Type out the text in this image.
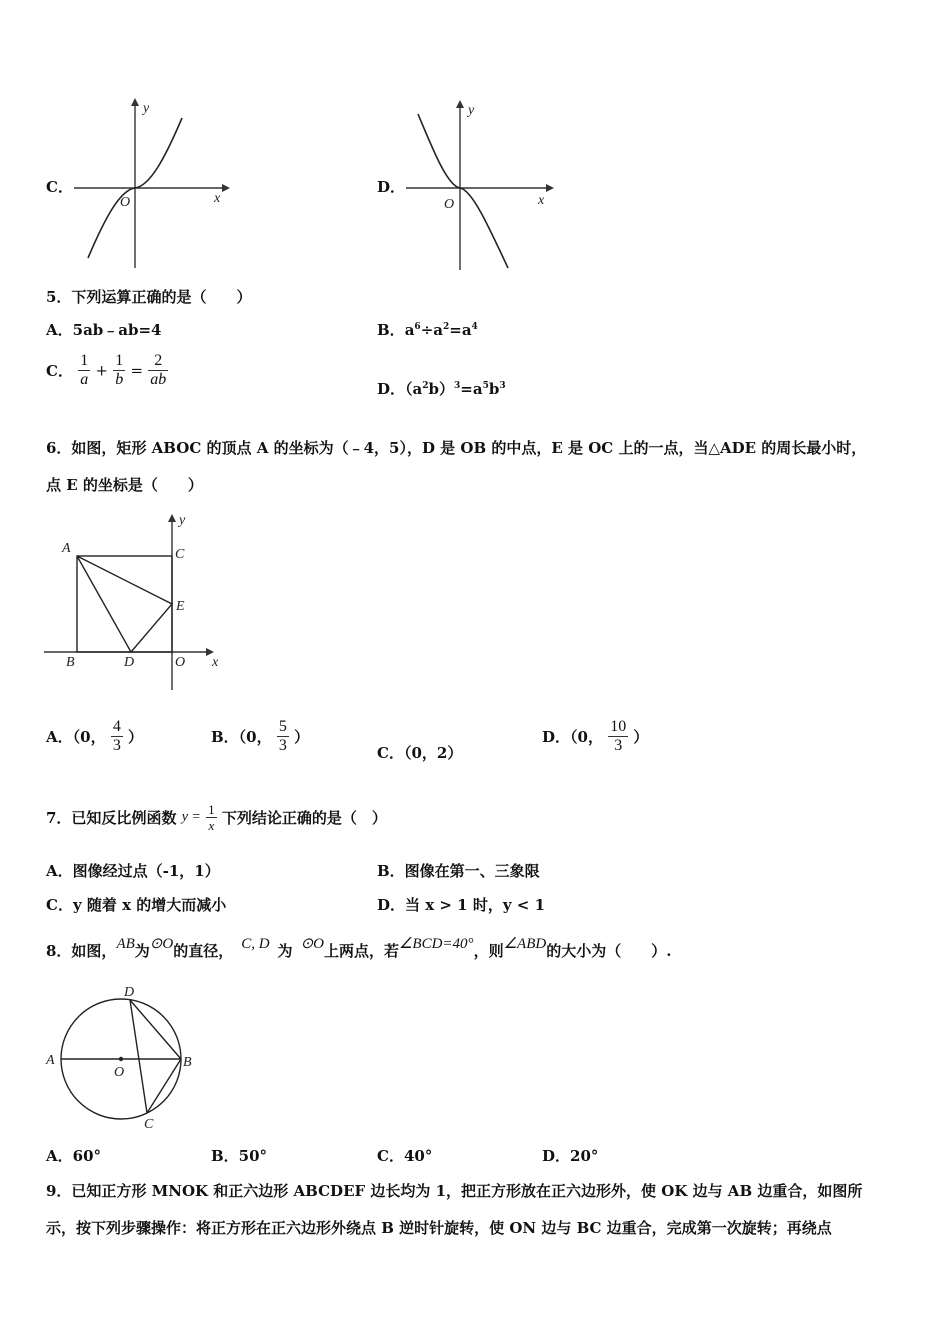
C．
y
x
O
D．
y
x
O
5．下列运算正确的是（　　）
A．5ab﹣ab=4	B．$a^6\div a^2=a^4$
C． $\frac{1}{a} + \frac{1}{b} = \frac{2}{ab}$	D．$(a^2b)^3=a^5b^3$
6．如图，矩形 ABOC 的顶点 A 的坐标为（﹣4，5），D 是 OB 的中点，E 是 OC 上的一点，当△ADE 的周长最小时，
点 E 的坐标是（　　）
y
A	C
E
B	D	O x
A．（0， $\frac{4}{3}$ ）	B．（0， $\frac{5}{3}$ ）
C．（0，2）
D．（0， $\frac{10}{3}$ ）
7．已知反比例函数 $y = \frac{1}{x}$ 下列结论正确的是（　）
A．图像经过点（-1，1）	B．图像在第一、三象限
C．y 随着 x 的增大而减小	D．当 x > 1 时，y < 1
8．如图，AB为⊙O的直径， C, D 为 ⊙O上两点，若∠BCD=40°，则∠ABD的大小为（　　）.
A	B
D
C
O
A．60°	B．50°	C．40°	D．20°
9．已知正方形 MNOK 和正六边形 ABCDEF 边长均为 1，把正方形放在正六边形外，使 OK 边与 AB 边重合，如图所
示，按下列步骤操作：将正方形在正六边形外绕点 B 逆时针旋转，使 ON 边与 BC 边重合，完成第一次旋转；再绕点
